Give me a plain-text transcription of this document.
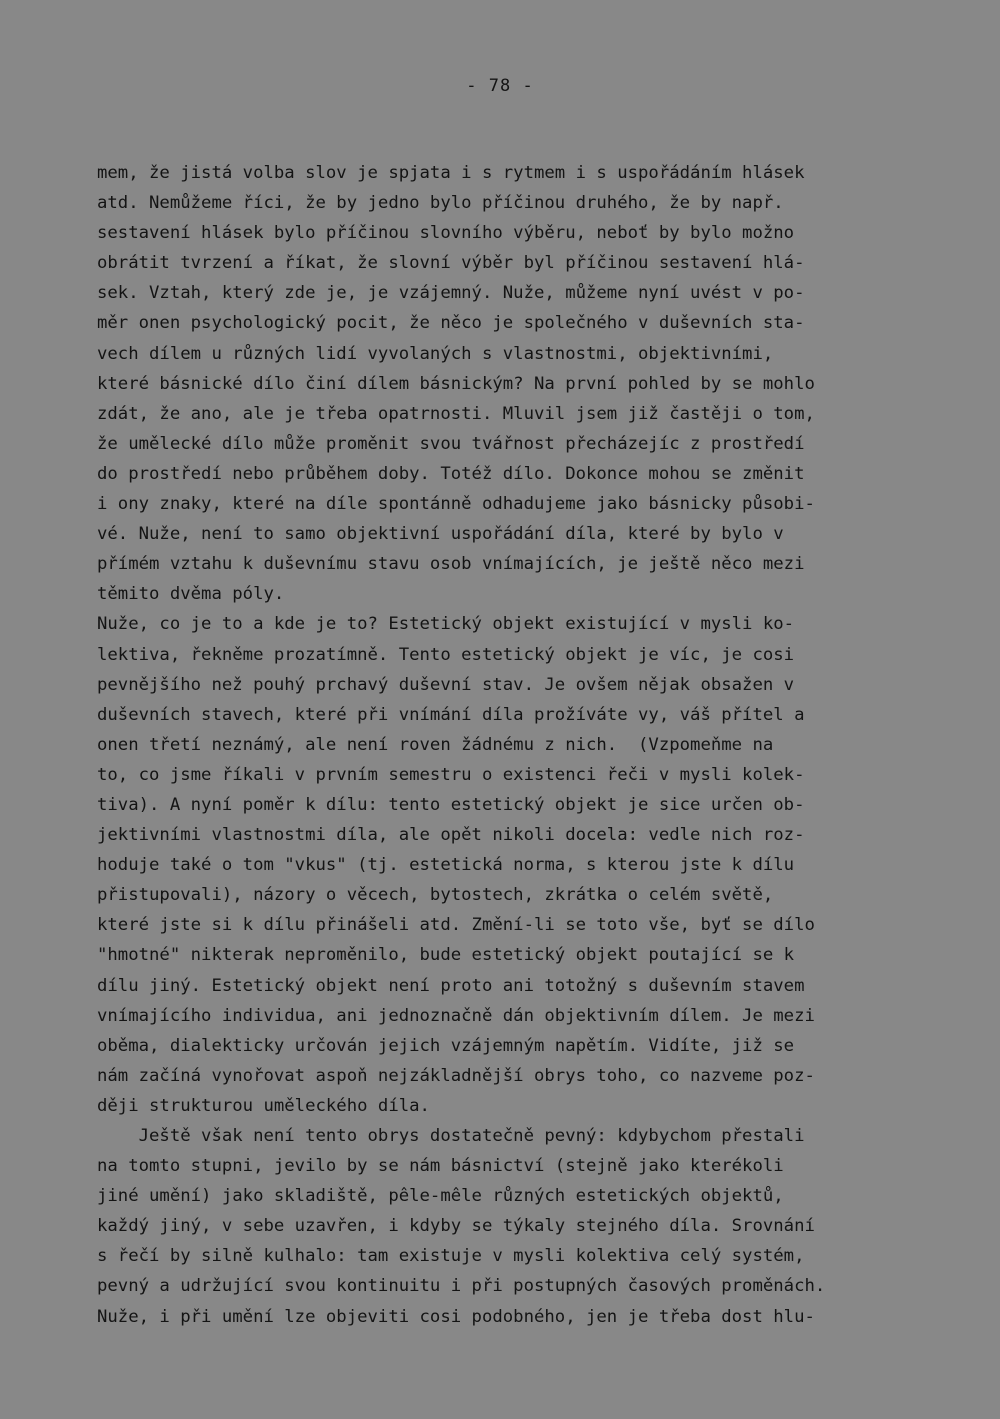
- 78 -
mem, že jistá volba slov je spjata i s rytmem i s uspořádáním hlásek
atd. Nemůžeme říci, že by jedno bylo příčinou druhého, že by např.
sestavení hlásek bylo příčinou slovního výběru, neboť by bylo možno
obrátit tvrzení a říkat, že slovní výběr byl příčinou sestavení hlá-
sek. Vztah, který zde je, je vzájemný. Nuže, můžeme nyní uvést v po-
měr onen psychologický pocit, že něco je společného v duševních sta-
vech dílem u různých lidí vyvolaných s vlastnostmi, objektivními,
které básnické dílo činí dílem básnickým? Na první pohled by se mohlo
zdát, že ano, ale je třeba opatrnosti. Mluvil jsem již častěji o tom,
že umělecké dílo může proměnit svou tvářnost přecházejíc z prostředí
do prostředí nebo průběhem doby. Totéž dílo. Dokonce mohou se změnit
i ony znaky, které na díle spontánně odhadujeme jako básnicky působi-
vé. Nuže, není to samo objektivní uspořádání díla, které by bylo v
přímém vztahu k duševnímu stavu osob vnímajících, je ještě něco mezi
těmito dvěma póly.
Nuže, co je to a kde je to? Estetický objekt existující v mysli ko-
lektiva, řekněme prozatímně. Tento estetický objekt je víc, je cosi
pevnějšího než pouhý prchavý duševní stav. Je ovšem nějak obsažen v
duševních stavech, které při vnímání díla prožíváte vy, váš přítel a
onen třetí neznámý, ale není roven žádnému z nich.  (Vzpomeňme na
to, co jsme říkali v prvním semestru o existenci řeči v mysli kolek-
tiva). A nyní poměr k dílu: tento estetický objekt je sice určen ob-
jektivními vlastnostmi díla, ale opět nikoli docela: vedle nich roz-
hoduje také o tom "vkus" (tj. estetická norma, s kterou jste k dílu
přistupovali), názory o věcech, bytostech, zkrátka o celém světě,
které jste si k dílu přinášeli atd. Změní-li se toto vše, byť se dílo
"hmotné" nikterak neproměnilo, bude estetický objekt poutající se k
dílu jiný. Estetický objekt není proto ani totožný s duševním stavem
vnímajícího individua, ani jednoznačně dán objektivním dílem. Je mezi
oběma, dialekticky určován jejich vzájemným napětím. Vidíte, již se
nám začíná vynořovat aspoň nejzákladnější obrys toho, co nazveme poz-
ději strukturou uměleckého díla.
Ještě však není tento obrys dostatečně pevný: kdybychom přestali
na tomto stupni, jevilo by se nám básnictví (stejně jako kterékoli
jiné umění) jako skladiště, pêle-mêle různých estetických objektů,
každý jiný, v sebe uzavřen, i kdyby se týkaly stejného díla. Srovnání
s řečí by silně kulhalo: tam existuje v mysli kolektiva celý systém,
pevný a udržující svou kontinuitu i při postupných časových proměnách.
Nuže, i při umění lze objeviti cosi podobného, jen je třeba dost hlu-
